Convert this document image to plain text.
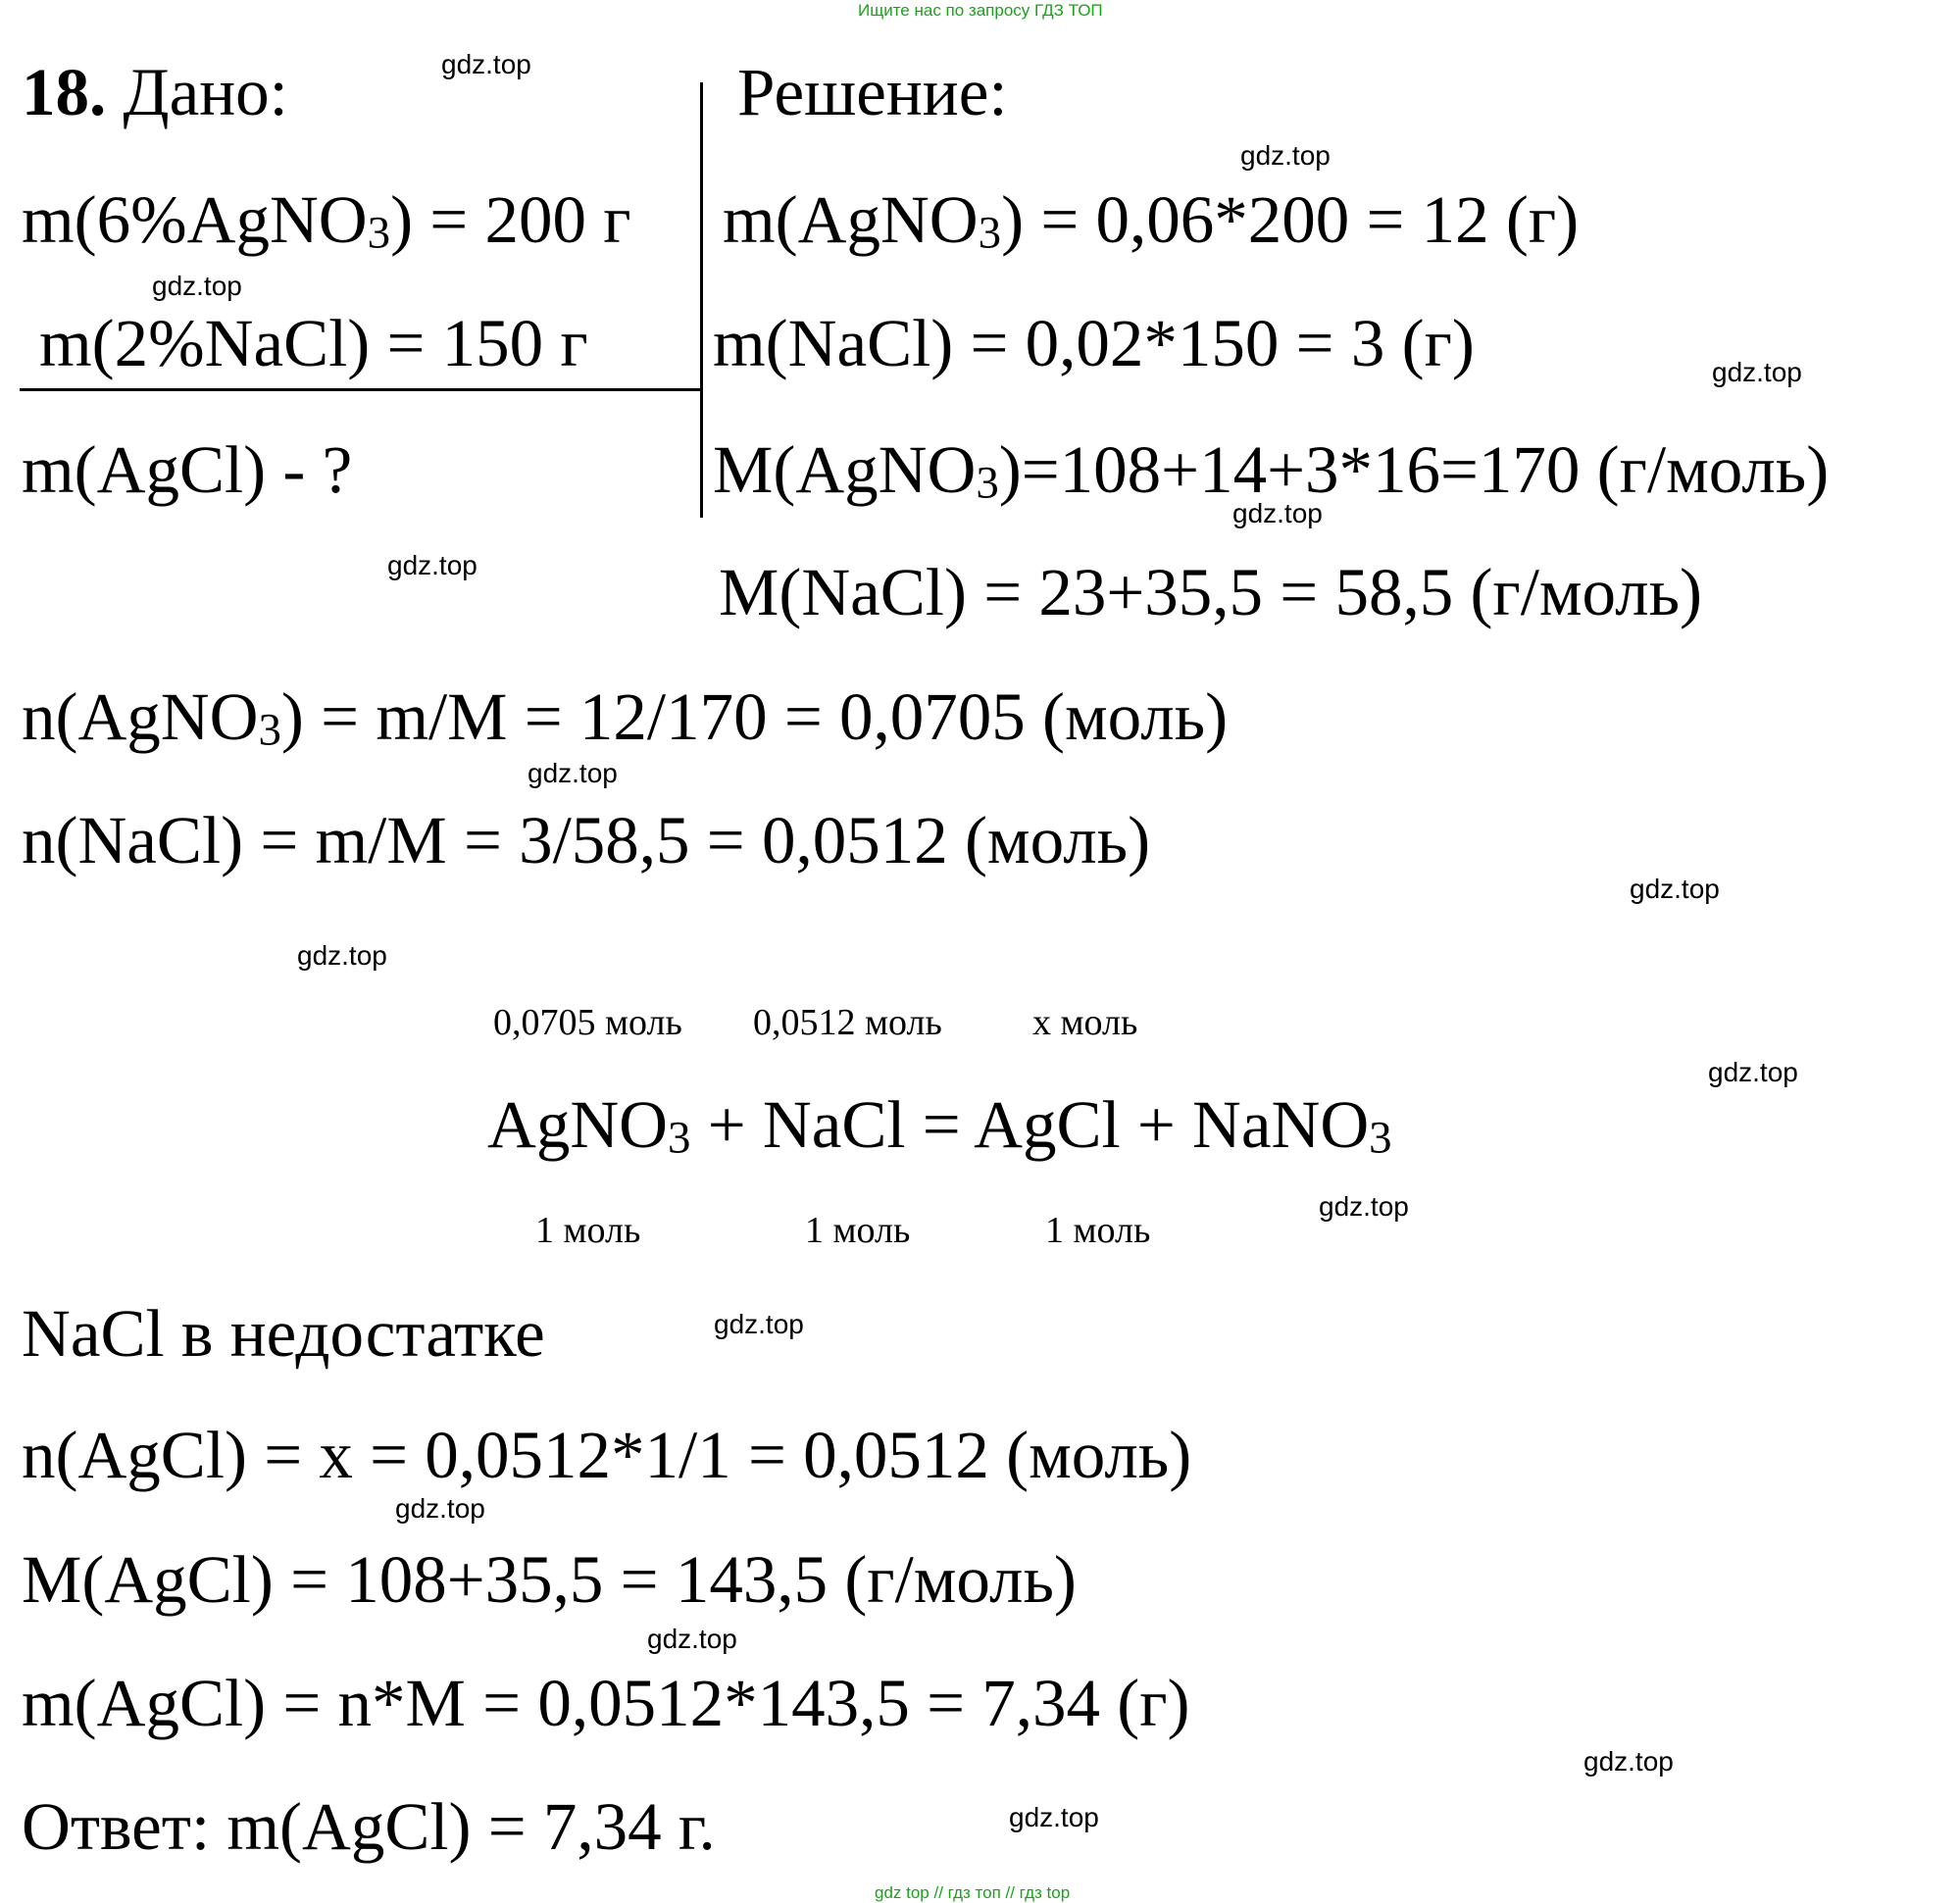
Ищите нас по запросу ГДЗ ТОП
gdz top // гдз топ // гдз top
18. Дано:	Решение:
m(6%AgNO$_3$) = 200 г
m(2%NaCl) = 150 г
m(AgCl) - ?
m(AgNO$_3$) = 0,06*200 = 12 (г)
m(NaCl) = 0,02*150 = 3 (г)
M(AgNO$_3$)=108+14+3*16=170 (г/моль)
M(NaCl) = 23+35,5 = 58,5 (г/моль)
n(AgNO$_3$) = m/M = 12/170 = 0,0705 (моль)
n(NaCl) = m/M = 3/58,5 = 0,0512 (моль)
0,0705 моль 0,0512 моль x моль
AgNO$_3$ + NaCl = AgCl + NaNO$_3$
1 моль	1 моль	1 моль
NaCl в недостатке
n(AgCl) = x = 0,0512*1/1 = 0,0512 (моль)
M(AgCl) = 108+35,5 = 143,5 (г/моль)
m(AgCl) = n*M = 0,0512*143,5 = 7,34 (г)
Ответ: m(AgCl) = 7,34 г.
gdz.top
gdz.top
gdz.top
gdz.top
gdz.top
gdz.top
gdz.top
gdz.top
gdz.top
gdz.top
gdz.top
gdz.top
gdz.top
gdz.top
gdz.top
gdz.top
